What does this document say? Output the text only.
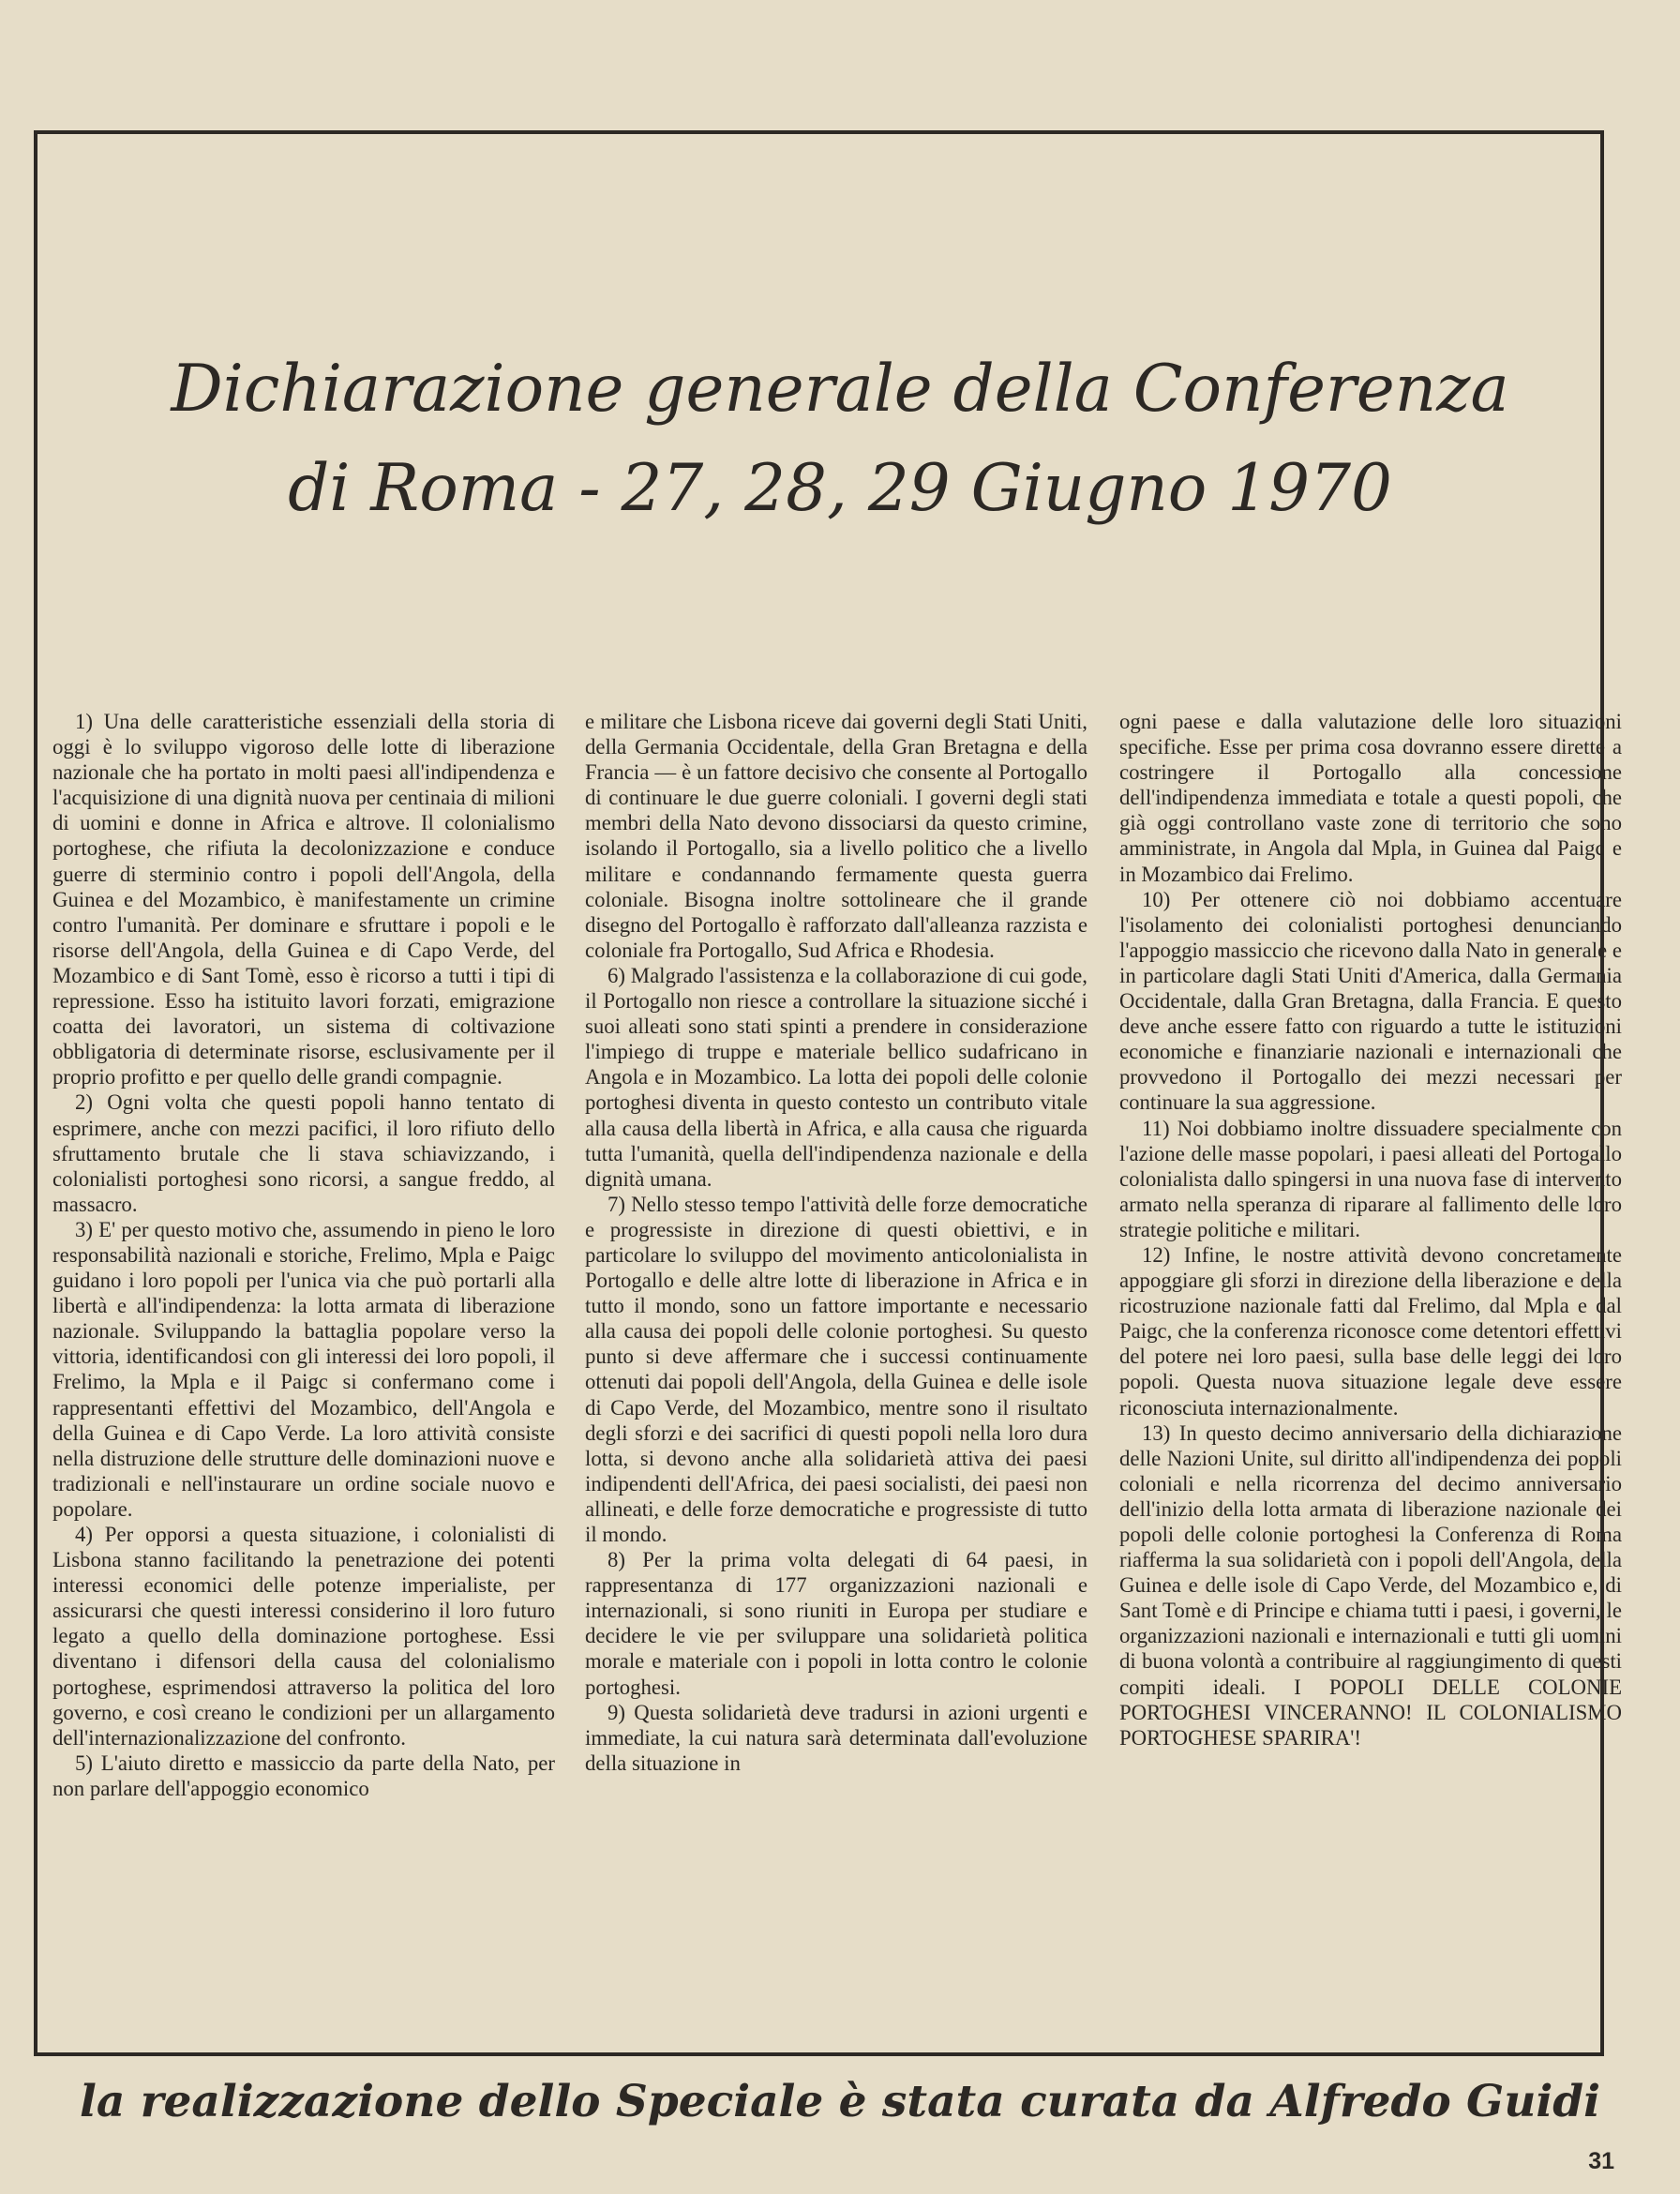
Dichiarazione generale della Conferenza
di Roma - 27, 28, 29 Giugno 1970

1) Una delle caratteristiche essenziali della storia di oggi è lo sviluppo vigoroso delle lotte di liberazione nazionale che ha portato in molti paesi all'indipendenza e l'acquisizione di una dignità nuova per centinaia di milioni di uomini e donne in Africa e altrove. Il colonialismo portoghese, che rifiuta la decolonizzazione e conduce guerre di sterminio contro i popoli dell'Angola, della Guinea e del Mozambico, è manifestamente un crimine contro l'umanità. Per dominare e sfruttare i popoli e le risorse dell'Angola, della Guinea e di Capo Verde, del Mozambico e di Sant Tomè, esso è ricorso a tutti i tipi di repressione. Esso ha istituito lavori forzati, emigrazione coatta dei lavoratori, un sistema di coltivazione obbligatoria di determinate risorse, esclusivamente per il proprio profitto e per quello delle grandi compagnie.

2) Ogni volta che questi popoli hanno tentato di esprimere, anche con mezzi pacifici, il loro rifiuto dello sfruttamento brutale che li stava schiavizzando, i colonialisti portoghesi sono ricorsi, a sangue freddo, al massacro.

3) E' per questo motivo che, assumendo in pieno le loro responsabilità nazionali e storiche, Frelimo, Mpla e Paigc guidano i loro popoli per l'unica via che può portarli alla libertà e all'indipendenza: la lotta armata di liberazione nazionale. Sviluppando la battaglia popolare verso la vittoria, identificandosi con gli interessi dei loro popoli, il Frelimo, la Mpla e il Paigc si confermano come i rappresentanti effettivi del Mozambico, dell'Angola e della Guinea e di Capo Verde. La loro attività consiste nella distruzione delle strutture delle dominazioni nuove e tradizionali e nell'instaurare un ordine sociale nuovo e popolare.

4) Per opporsi a questa situazione, i colonialisti di Lisbona stanno facilitando la penetrazione dei potenti interessi economici delle potenze imperialiste, per assicurarsi che questi interessi considerino il loro futuro legato a quello della dominazione portoghese. Essi diventano i difensori della causa del colonialismo portoghese, esprimendosi attraverso la politica del loro governo, e così creano le condizioni per un allargamento dell'internazionalizzazione del confronto.

5) L'aiuto diretto e massiccio da parte della Nato, per non parlare dell'appoggio economico

e militare che Lisbona riceve dai governi degli Stati Uniti, della Germania Occidentale, della Gran Bretagna e della Francia — è un fattore decisivo che consente al Portogallo di continuare le due guerre coloniali. I governi degli stati membri della Nato devono dissociarsi da questo crimine, isolando il Portogallo, sia a livello politico che a livello militare e condannando fermamente questa guerra coloniale. Bisogna inoltre sottolineare che il grande disegno del Portogallo è rafforzato dall'alleanza razzista e coloniale fra Portogallo, Sud Africa e Rhodesia.

6) Malgrado l'assistenza e la collaborazione di cui gode, il Portogallo non riesce a controllare la situazione sicché i suoi alleati sono stati spinti a prendere in considerazione l'impiego di truppe e materiale bellico sudafricano in Angola e in Mozambico. La lotta dei popoli delle colonie portoghesi diventa in questo contesto un contributo vitale alla causa della libertà in Africa, e alla causa che riguarda tutta l'umanità, quella dell'indipendenza nazionale e della dignità umana.

7) Nello stesso tempo l'attività delle forze democratiche e progressiste in direzione di questi obiettivi, e in particolare lo sviluppo del movimento anticolonialista in Portogallo e delle altre lotte di liberazione in Africa e in tutto il mondo, sono un fattore importante e necessario alla causa dei popoli delle colonie portoghesi. Su questo punto si deve affermare che i successi continuamente ottenuti dai popoli dell'Angola, della Guinea e delle isole di Capo Verde, del Mozambico, mentre sono il risultato degli sforzi e dei sacrifici di questi popoli nella loro dura lotta, si devono anche alla solidarietà attiva dei paesi indipendenti dell'Africa, dei paesi socialisti, dei paesi non allineati, e delle forze democratiche e progressiste di tutto il mondo.

8) Per la prima volta delegati di 64 paesi, in rappresentanza di 177 organizzazioni nazionali e internazionali, si sono riuniti in Europa per studiare e decidere le vie per sviluppare una solidarietà politica morale e materiale con i popoli in lotta contro le colonie portoghesi.

9) Questa solidarietà deve tradursi in azioni urgenti e immediate, la cui natura sarà determinata dall'evoluzione della situazione in

ogni paese e dalla valutazione delle loro situazioni specifiche. Esse per prima cosa dovranno essere dirette a costringere il Portogallo alla concessione dell'indipendenza immediata e totale a questi popoli, che già oggi controllano vaste zone di territorio che sono amministrate, in Angola dal Mpla, in Guinea dal Paigc e in Mozambico dai Frelimo.

10) Per ottenere ciò noi dobbiamo accentuare l'isolamento dei colonialisti portoghesi denunciando l'appoggio massiccio che ricevono dalla Nato in generale e in particolare dagli Stati Uniti d'America, dalla Germania Occidentale, dalla Gran Bretagna, dalla Francia. E questo deve anche essere fatto con riguardo a tutte le istituzioni economiche e finanziarie nazionali e internazionali che provvedono il Portogallo dei mezzi necessari per continuare la sua aggressione.

11) Noi dobbiamo inoltre dissuadere specialmente con l'azione delle masse popolari, i paesi alleati del Portogallo colonialista dallo spingersi in una nuova fase di intervento armato nella speranza di riparare al fallimento delle loro strategie politiche e militari.

12) Infine, le nostre attività devono concretamente appoggiare gli sforzi in direzione della liberazione e della ricostruzione nazionale fatti dal Frelimo, dal Mpla e dal Paigc, che la conferenza riconosce come detentori effettivi del potere nei loro paesi, sulla base delle leggi dei loro popoli. Questa nuova situazione legale deve essere riconosciuta internazionalmente.

13) In questo decimo anniversario della dichiarazione delle Nazioni Unite, sul diritto all'indipendenza dei popoli coloniali e nella ricorrenza del decimo anniversario dell'inizio della lotta armata di liberazione nazionale dei popoli delle colonie portoghesi la Conferenza di Roma riafferma la sua solidarietà con i popoli dell'Angola, della Guinea e delle isole di Capo Verde, del Mozambico e, di Sant Tomè e di Principe e chiama tutti i paesi, i governi, le organizzazioni nazionali e internazionali e tutti gli uomini di buona volontà a contribuire al raggiungimento di questi compiti ideali. I POPOLI DELLE COLONIE PORTOGHESI VINCERANNO! IL COLONIALISMO PORTOGHESE SPARIRA'!

la realizzazione dello Speciale è stata curata da Alfredo Guidi

31
